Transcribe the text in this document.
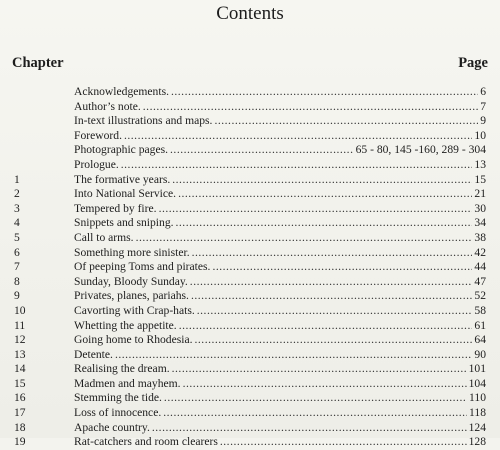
Contents
Chapter	Page
Acknowledgements. . . .	6
Author’s note. . . .	7
In-text illustrations and maps. . . .	9
Foreword. . . .	10
Photographic pages. . . .	65 - 80, 145 -160, 289 - 304
Prologue. . . .	13
1	The formative years. . . .	15
2	Into National Service. . . .	21
3	Tempered by fire. . . .	30
4	Snippets and sniping. . . .	34
5	Call to arms. . . .	38
6	Something more sinister. . . .	42
7	Of peeping Toms and pirates. . . .	44
8	Sunday, Bloody Sunday. . . .	47
9	Privates, planes, pariahs. . . .	52
10	Cavorting with Crap-hats. . . .	58
11	Whetting the appetite. . . .	61
12	Going home to Rhodesia. . . .	64
13	Detente. . . .	90
14	Realising the dream. . . .	101
15	Madmen and mayhem. . . .	104
16	Stemming the tide. . . .	110
17	Loss of innocence. . . .	118
18	Apache country. . . .	124
19	Rat-catchers and room clearers . . .	128
